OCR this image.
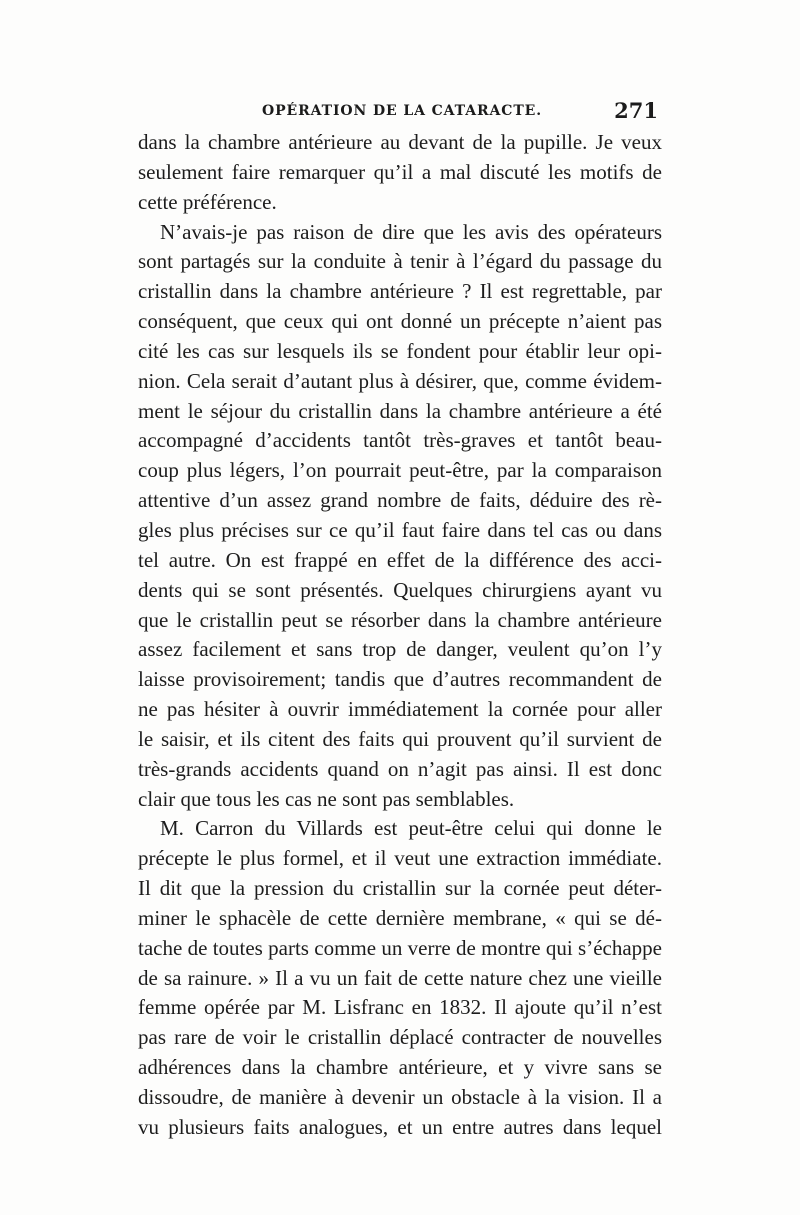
OPÉRATION DE LA CATARACTE.	271
dans la chambre antérieure au devant de la pupille. Je veux
seulement faire remarquer qu’il a mal discuté les motifs de
cette préférence.
N’avais-je pas raison de dire que les avis des opérateurs
sont partagés sur la conduite à tenir à l’égard du passage du
cristallin dans la chambre antérieure ? Il est regrettable, par
conséquent, que ceux qui ont donné un précepte n’aient pas
cité les cas sur lesquels ils se fondent pour établir leur opi-
nion. Cela serait d’autant plus à désirer, que, comme évidem-
ment le séjour du cristallin dans la chambre antérieure a été
accompagné d’accidents tantôt très-graves et tantôt beau-
coup plus légers, l’on pourrait peut-être, par la comparaison
attentive d’un assez grand nombre de faits, déduire des rè-
gles plus précises sur ce qu’il faut faire dans tel cas ou dans
tel autre. On est frappé en effet de la différence des acci-
dents qui se sont présentés. Quelques chirurgiens ayant vu
que le cristallin peut se résorber dans la chambre antérieure
assez facilement et sans trop de danger, veulent qu’on l’y
laisse provisoirement; tandis que d’autres recommandent de
ne pas hésiter à ouvrir immédiatement la cornée pour aller
le saisir, et ils citent des faits qui prouvent qu’il survient de
très-grands accidents quand on n’agit pas ainsi. Il est donc
clair que tous les cas ne sont pas semblables.
M. Carron du Villards est peut-être celui qui donne le
précepte le plus formel, et il veut une extraction immédiate.
Il dit que la pression du cristallin sur la cornée peut déter-
miner le sphacèle de cette dernière membrane, « qui se dé-
tache de toutes parts comme un verre de montre qui s’échappe
de sa rainure. » Il a vu un fait de cette nature chez une vieille
femme opérée par M. Lisfranc en 1832. Il ajoute qu’il n’est
pas rare de voir le cristallin déplacé contracter de nouvelles
adhérences dans la chambre antérieure, et y vivre sans se
dissoudre, de manière à devenir un obstacle à la vision. Il a
vu plusieurs faits analogues, et un entre autres dans lequel
